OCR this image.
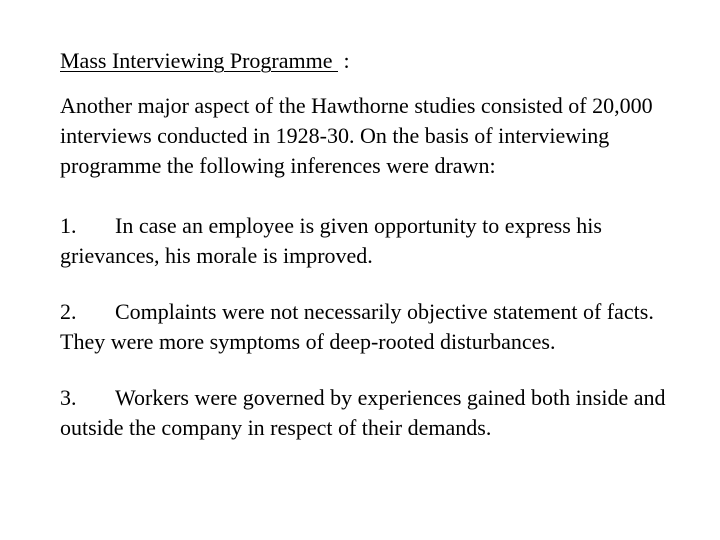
Mass Interviewing Programme  :
Another major aspect of the Hawthorne studies consisted of 20,000 interviews conducted in 1928-30. On the basis of interviewing programme the following inferences were drawn:
1. In case an employee is given opportunity to express his grievances, his morale is improved.
2. Complaints were not necessarily objective statement of facts. They were more symptoms of deep-rooted disturbances.
3. Workers were governed by experiences gained both inside and outside the company in respect of their demands.
